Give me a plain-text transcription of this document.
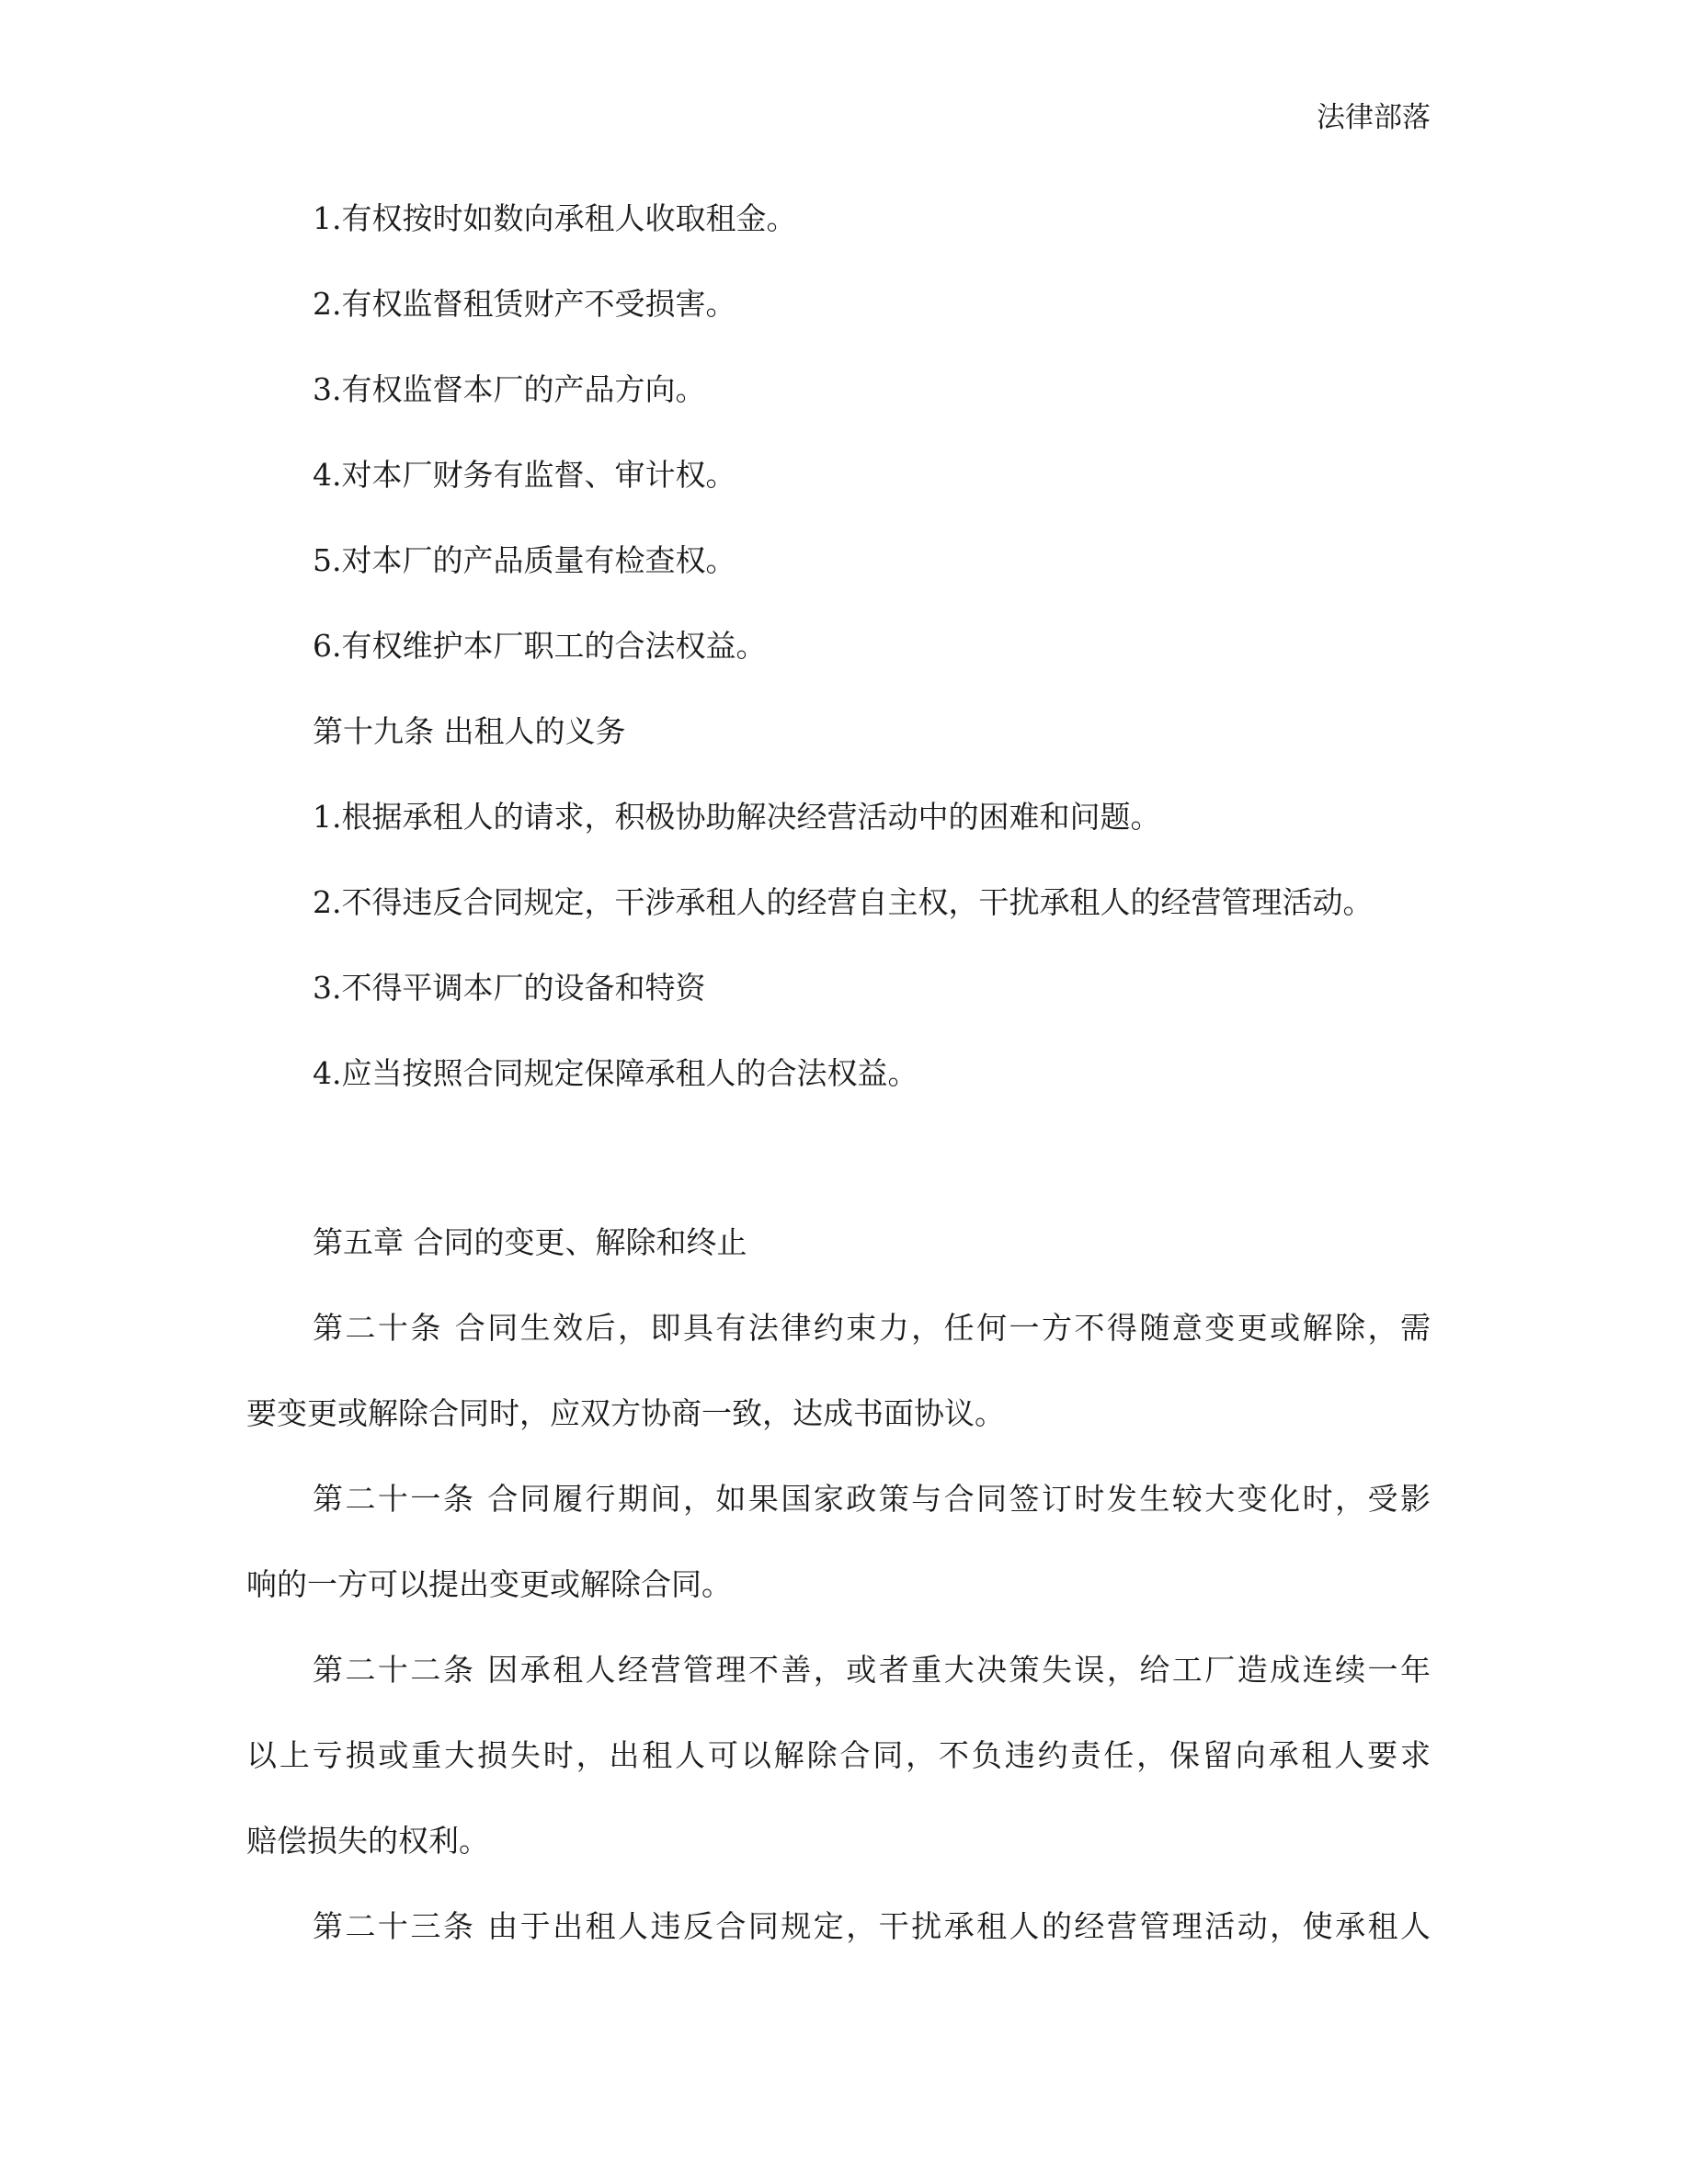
法律部落
1.有权按时如数向承租人收取租金。
2.有权监督租赁财产不受损害。
3.有权监督本厂的产品方向。
4.对本厂财务有监督、审计权。
5.对本厂的产品质量有检查权。
6.有权维护本厂职工的合法权益。
第十九条 出租人的义务
1.根据承租人的请求，积极协助解决经营活动中的困难和问题。
2.不得违反合同规定，干涉承租人的经营自主权，干扰承租人的经营管理活动。
3.不得平调本厂的设备和特资
4.应当按照合同规定保障承租人的合法权益。
第五章 合同的变更、解除和终止
第二十条 合同生效后，即具有法律约束力，任何一方不得随意变更或解除，需
要变更或解除合同时，应双方协商一致，达成书面协议。
第二十一条 合同履行期间，如果国家政策与合同签订时发生较大变化时，受影
响的一方可以提出变更或解除合同。
第二十二条 因承租人经营管理不善，或者重大决策失误，给工厂造成连续一年
以上亏损或重大损失时，出租人可以解除合同，不负违约责任，保留向承租人要求
赔偿损失的权利。
第二十三条 由于出租人违反合同规定，干扰承租人的经营管理活动，使承租人
